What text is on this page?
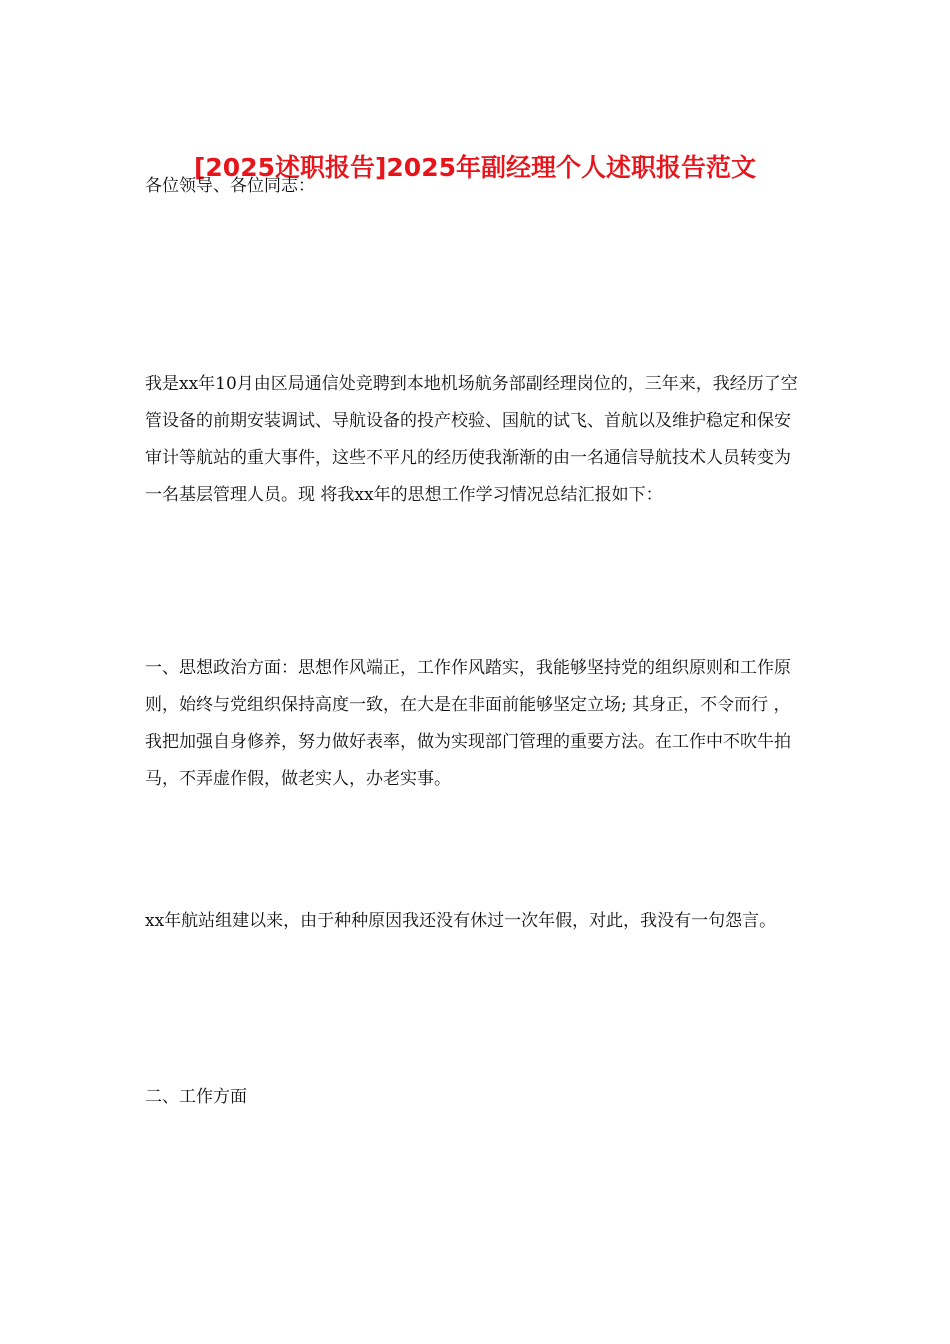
[2025述职报告]2025年副经理个人述职报告范文

各位领导、各位同志：

我是xx年10月由区局通信处竞聘到本地机场航务部副经理岗位的，三年来，我经历了空管设备的前期安装调试、导航设备的投产校验、国航的试飞、首航以及维护稳定和保安审计等航站的重大事件，这些不平凡的经历使我渐渐的由一名通信导航技术人员转变为一名基层管理人员。现 将我xx年的思想工作学习情况总结汇报如下：

一、思想政治方面：思想作风端正，工作作风踏实，我能够坚持党的组织原则和工作原则，始终与党组织保持高度一致，在大是在非面前能够坚定立场; 其身正，不令而行 ，我把加强自身修养，努力做好表率，做为实现部门管理的重要方法。在工作中不吹牛拍马，不弄虚作假，做老实人，办老实事。

xx年航站组建以来，由于种种原因我还没有休过一次年假，对此，我没有一句怨言。

二、工作方面
